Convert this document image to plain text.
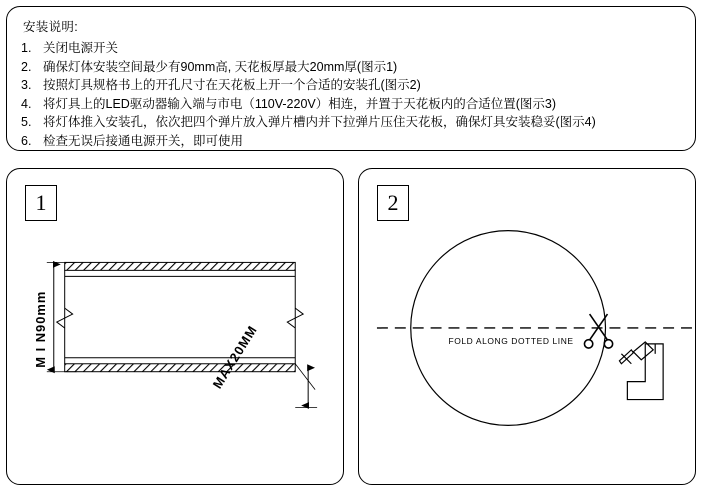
安装说明:
1. 关闭电源开关
2. 确保灯体安装空间最少有90mm高, 天花板厚最大20mm厚(图示1)
3. 按照灯具规格书上的开孔尺寸在天花板上开一个合适的安装孔(图示2)
4. 将灯具上的LED驱动器输入端与市电（110V-220V）相连，并置于天花板内的合适位置(图示3)
5. 将灯体推入安装孔，依次把四个弹片放入弹片槽内并下拉弹片压住天花板，确保灯具安装稳妥(图示4)
6. 检查无误后接通电源开关，即可使用
1
M I N90mm	MAX20MM
2
FOLD ALONG DOTTED LINE
